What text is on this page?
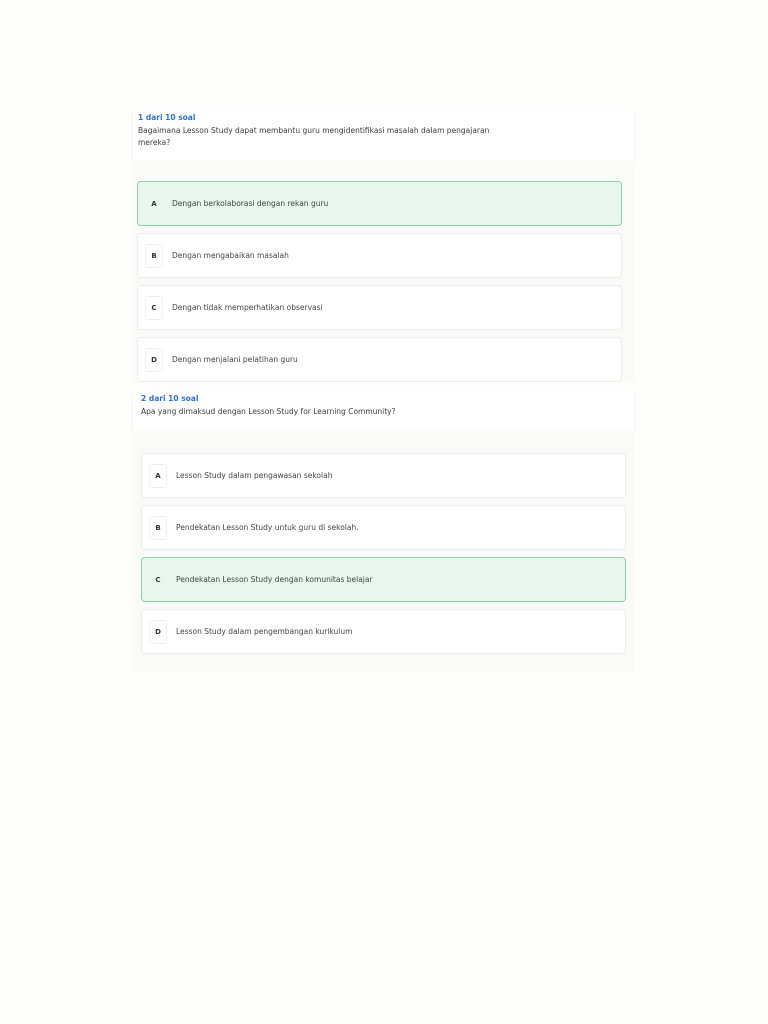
1 dari 10 soal
Bagaimana Lesson Study dapat membantu guru mengidentifikasi masalah dalam pengajaran mereka?
A	Dengan berkolaborasi dengan rekan guru
B	Dengan mengabaikan masalah
C	Dengan tidak memperhatikan observasi
D	Dengan menjalani pelatihan guru
2 dari 10 soal
Apa yang dimaksud dengan Lesson Study for Learning Community?
A	Lesson Study dalam pengawasan sekolah
B	Pendekatan Lesson Study untuk guru di sekolah.
C	Pendekatan Lesson Study dengan komunitas belajar
D	Lesson Study dalam pengembangan kurikulum
